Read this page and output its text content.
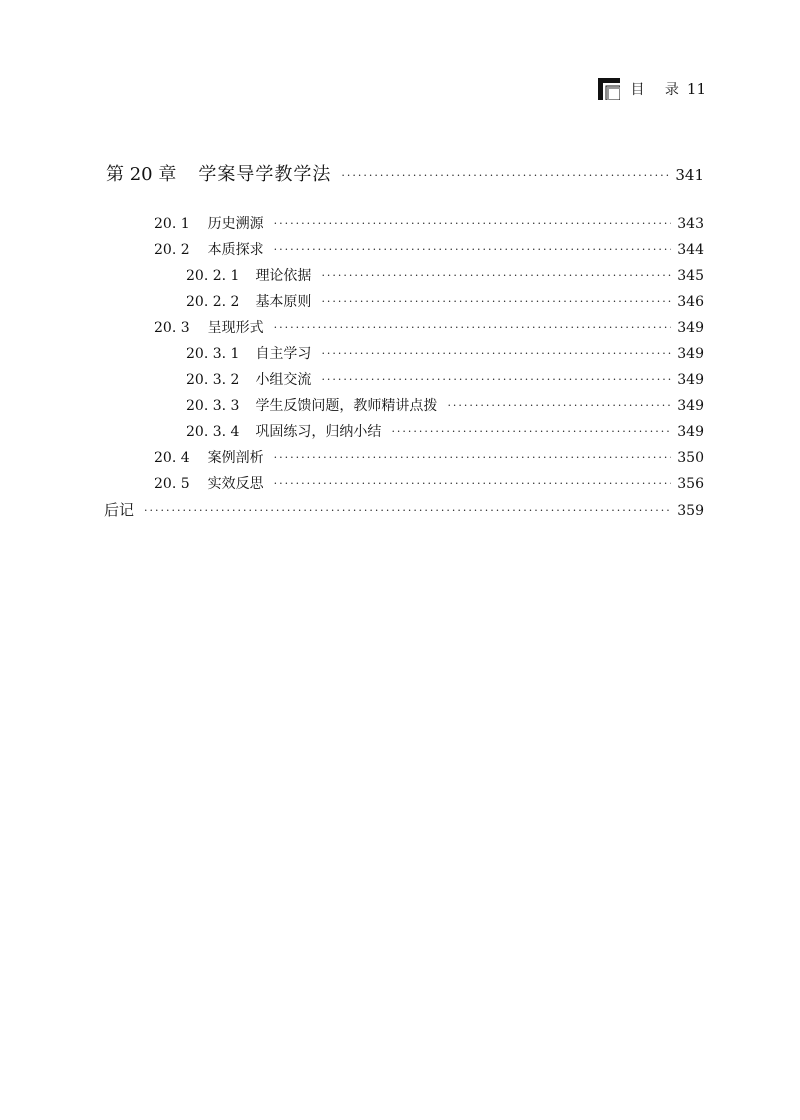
目 录 11
第 20 章 学案导学教学法 ·····	341
20. 1 历史溯源 ·····	343
20. 2 本质探求 ·····	344
20. 2. 1 理论依据 ·····	345
20. 2. 2 基本原则 ·····	346
20. 3 呈现形式 ·····	349
20. 3. 1 自主学习 ·····	349
20. 3. 2 小组交流 ·····	349
20. 3. 3 学生反馈问题，教师精讲点拨 ·····	349
20. 3. 4 巩固练习，归纳小结 ·····	349
20. 4 案例剖析 ·····	350
20. 5 实效反思 ·····	356
后记 ·····	359
